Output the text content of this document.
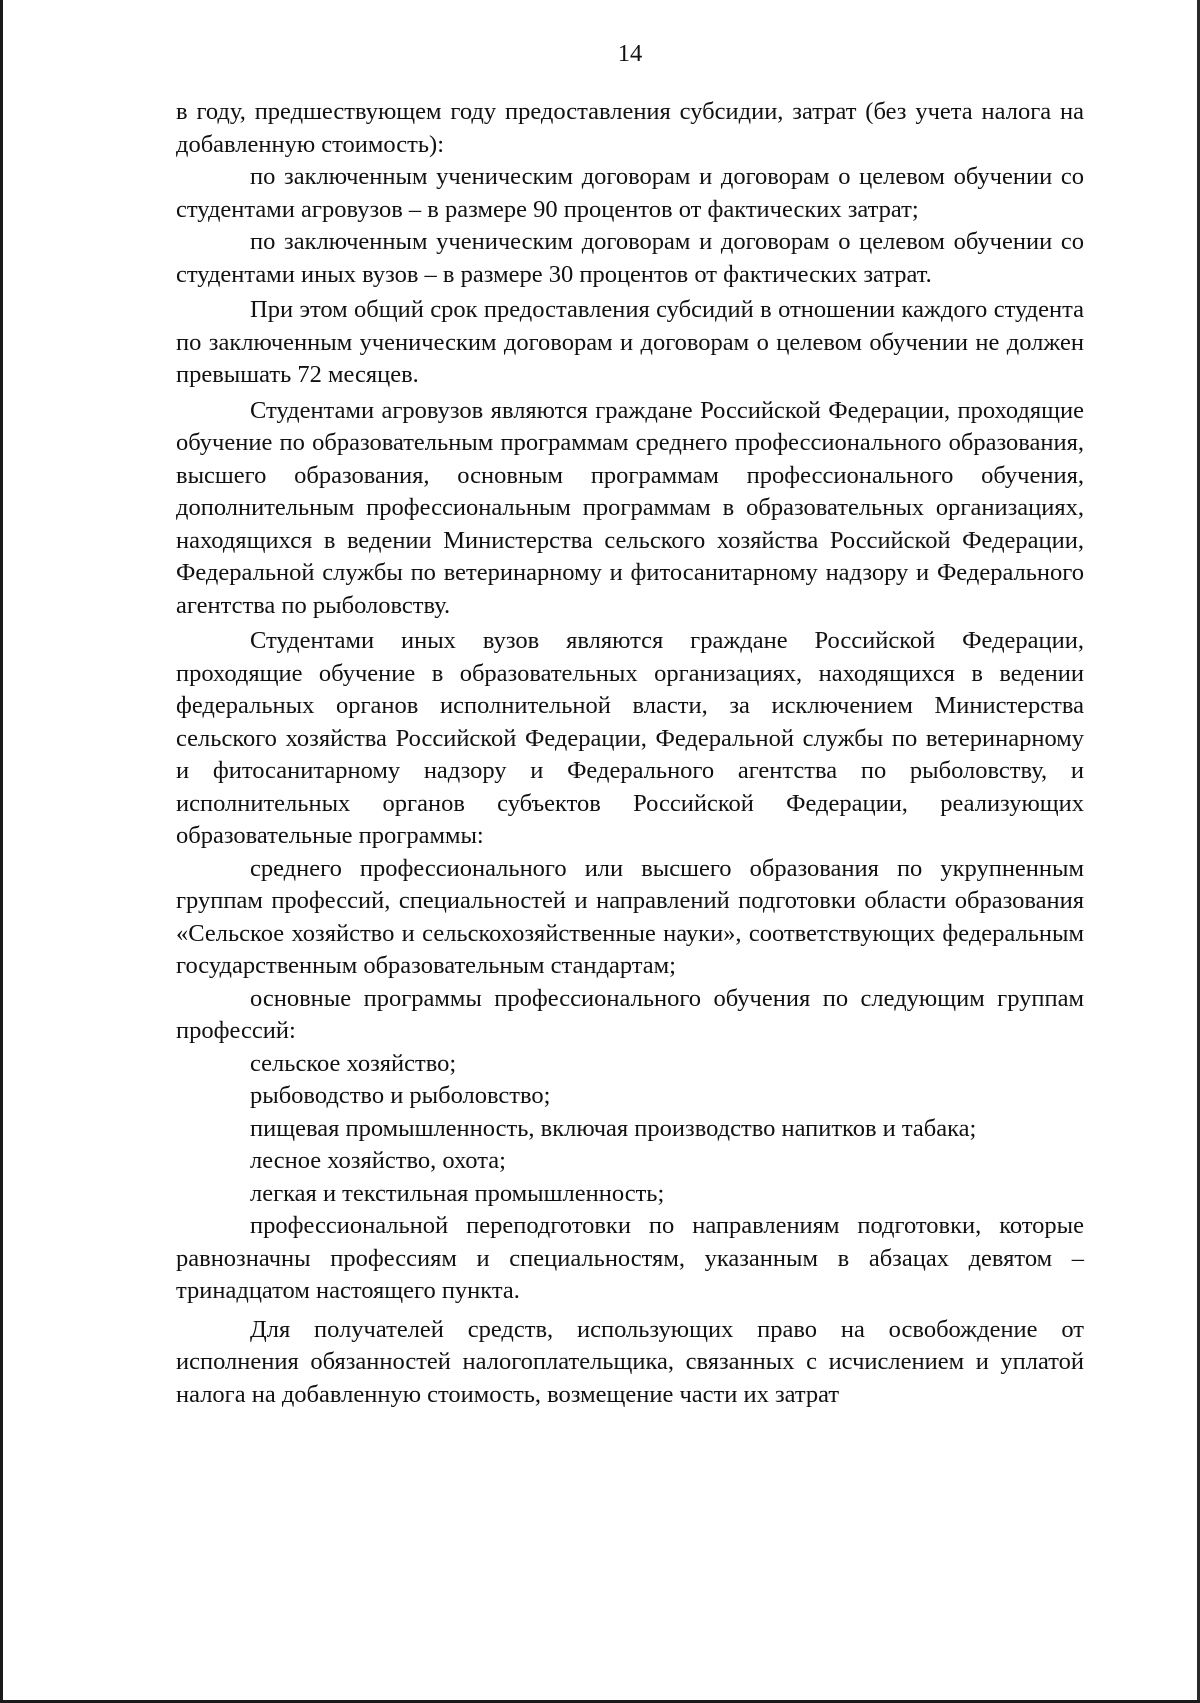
14

в году, предшествующем году предоставления субсидии, затрат (без учета налога на добавленную стоимость):

по заключенным ученическим договорам и договорам о целевом обучении со студентами агровузов – в размере 90 процентов от фактических затрат;

по заключенным ученическим договорам и договорам о целевом обучении со студентами иных вузов – в размере 30 процентов от фактических затрат.

При этом общий срок предоставления субсидий в отношении каждого студента по заключенным ученическим договорам и договорам о целевом обучении не должен превышать 72 месяцев.

Студентами агровузов являются граждане Российской Федерации, проходящие обучение по образовательным программам среднего профессионального образования, высшего образования, основным программам профессионального обучения, дополнительным профессиональным программам в образовательных организациях, находящихся в ведении Министерства сельского хозяйства Российской Федерации, Федеральной службы по ветеринарному и фитосанитарному надзору и Федерального агентства по рыболовству.

Студентами иных вузов являются граждане Российской Федерации, проходящие обучение в образовательных организациях, находящихся в ведении федеральных органов исполнительной власти, за исключением Министерства сельского хозяйства Российской Федерации, Федеральной службы по ветеринарному и фитосанитарному надзору и Федерального агентства по рыболовству, и исполнительных органов субъектов Российской Федерации, реализующих образовательные программы:

среднего профессионального или высшего образования по укрупненным группам профессий, специальностей и направлений подготовки области образования «Сельское хозяйство и сельскохозяйственные науки», соответствующих федеральным государственным образовательным стандартам;

основные программы профессионального обучения по следующим группам профессий:

сельское хозяйство;

рыбоводство и рыболовство;

пищевая промышленность, включая производство напитков и табака;

лесное хозяйство, охота;

легкая и текстильная промышленность;

профессиональной переподготовки по направлениям подготовки, которые равнозначны профессиям и специальностям, указанным в абзацах девятом – тринадцатом настоящего пункта.

Для получателей средств, использующих право на освобождение от исполнения обязанностей налогоплательщика, связанных с исчислением и уплатой налога на добавленную стоимость, возмещение части их затрат
